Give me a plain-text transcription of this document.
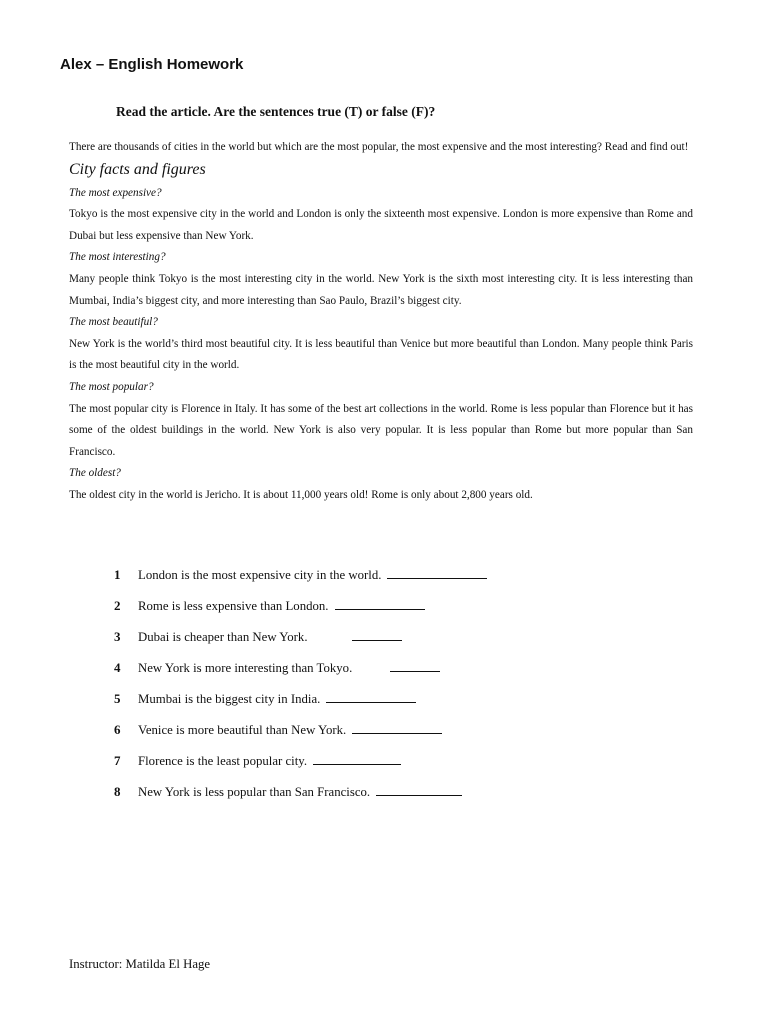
Alex – English Homework
Read the article. Are the sentences true (T) or false (F)?

There are thousands of cities in the world but which are the most popular, the most expensive and the most interesting? Read and find out!

City facts and figures

The most expensive?

Tokyo is the most expensive city in the world and London is only the sixteenth most expensive. London is more expensive than Rome and Dubai but less expensive than New York.

The most interesting?

Many people think Tokyo is the most interesting city in the world. New York is the sixth most interesting city. It is less interesting than Mumbai, India’s biggest city, and more interesting than Sao Paulo, Brazil’s biggest city.

The most beautiful?

New York is the world’s third most beautiful city. It is less beautiful than Venice but more beautiful than London. Many people think Paris is the most beautiful city in the world.

The most popular?

The most popular city is Florence in Italy. It has some of the best art collections in the world. Rome is less popular than Florence but it has some of the oldest buildings in the world. New York is also very popular. It is less popular than Rome but more popular than San Francisco.

The oldest?

The oldest city in the world is Jericho. It is about 11,000 years old! Rome is only about 2,800 years old.

1	London is the most expensive city in the world.
2	Rome is less expensive than London.
3	Dubai is cheaper than New York.
4	New York is more interesting than Tokyo.
5	Mumbai is the biggest city in India.
6	Venice is more beautiful than New York.
7	Florence is the least popular city.
8	New York is less popular than San Francisco.
Instructor: Matilda El Hage
